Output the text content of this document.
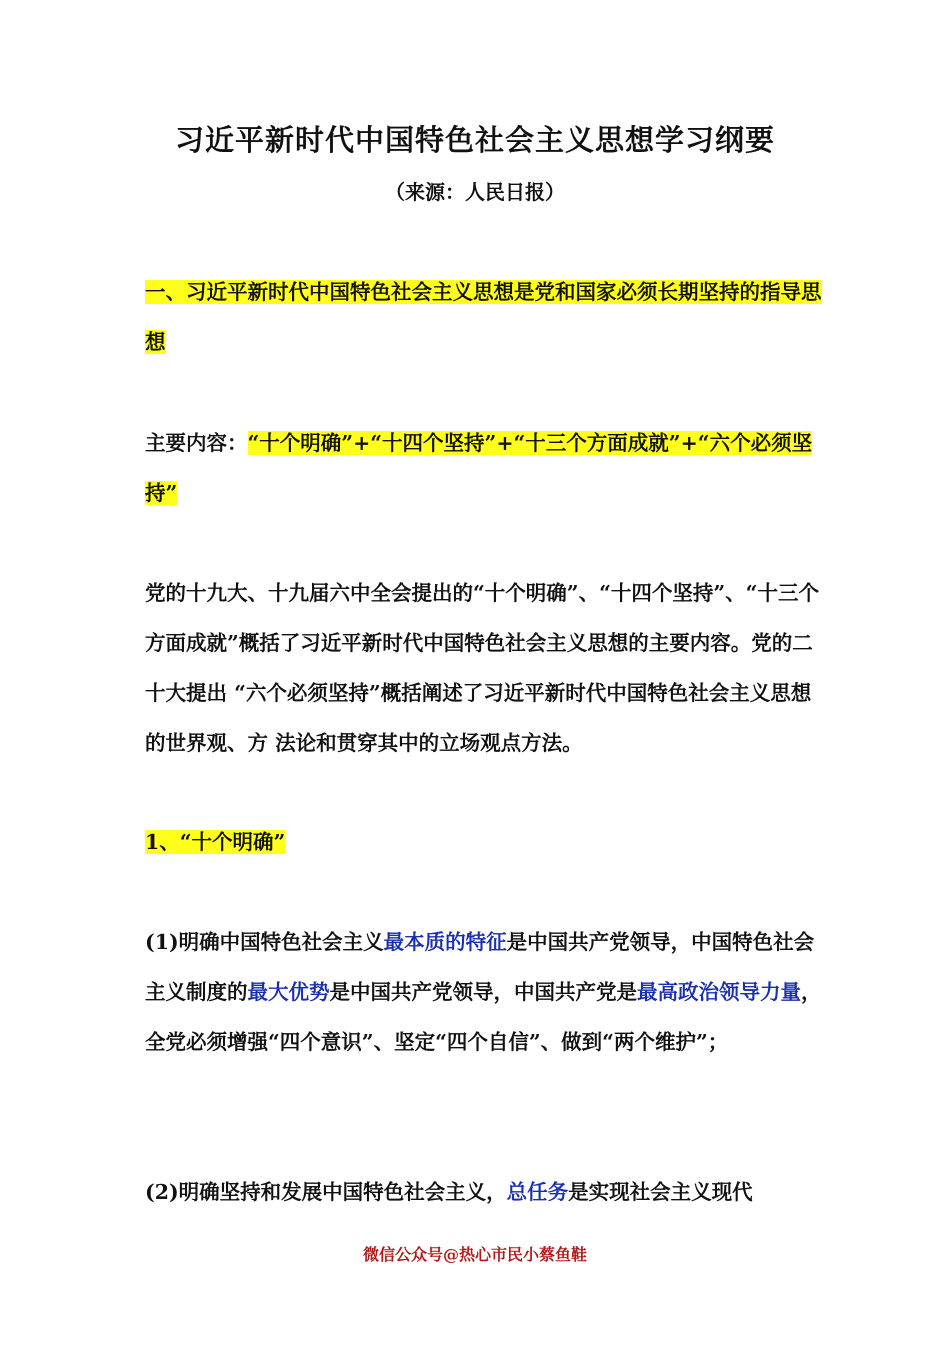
习近平新时代中国特色社会主义思想学习纲要
（来源：人民日报）
一、习近平新时代中国特色社会主义思想是党和国家必须长期坚持的指导思想
主要内容：“十个明确”+“十四个坚持”+“十三个方面成就”+“六个必须坚持”
党的十九大、十九届六中全会提出的“十个明确”、“十四个坚持”、“十三个方面成就”概括了习近平新时代中国特色社会主义思想的主要内容。党的二十大提出 “六个必须坚持”概括阐述了习近平新时代中国特色社会主义思想的世界观、方 法论和贯穿其中的立场观点方法。
1、“十个明确”
(1)明确中国特色社会主义最本质的特征是中国共产党领导，中国特色社会主义制度的最大优势是中国共产党领导，中国共产党是最高政治领导力量，全党必须增强“四个意识”、坚定“四个自信”、做到“两个维护”；
(2)明确坚持和发展中国特色社会主义，总任务是实现社会主义现代
微信公众号@热心市民小蔡鱼鞋
